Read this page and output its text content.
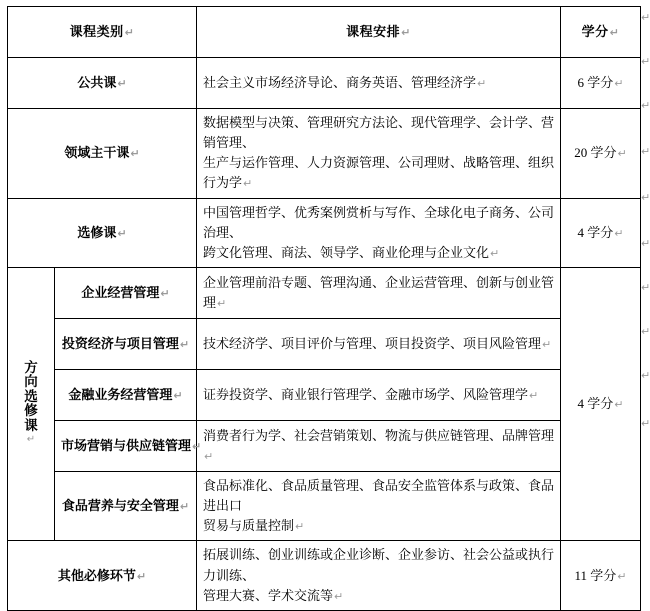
课程类别↵		课程安排↵	学分↵
公共课↵		社会主义市场经济导论、商务英语、管理经济学↵	6 学分↵
领域主干课↵		数据模型与决策、管理研究方法论、现代管理学、会计学、营销管理、
生产与运作管理、人力资源管理、公司理财、战略管理、组织行为学↵	20 学分↵
选修课↵		中国管理哲学、优秀案例赏析与写作、全球化电子商务、公司治理、
跨文化管理、商法、领导学、商业伦理与企业文化↵	4 学分↵
方向选修课
↵	企业经营管理↵	企业管理前沿专题、管理沟通、企业运营管理、创新与创业管理↵	4 学分↵
	投资经济与项目管理↵	技术经济学、项目评价与管理、项目投资学、项目风险管理↵	
	金融业务经营管理↵	证券投资学、商业银行管理学、金融市场学、风险管理学↵	
	市场营销与供应链管理↵	消费者行为学、社会营销策划、物流与供应链管理、品牌管理↵	
	食品营养与安全管理↵	食品标准化、食品质量管理、食品安全监管体系与政策、食品进出口
贸易与质量控制↵	

其他必修环节↵		拓展训练、创业训练或企业诊断、企业参访、社会公益或执行力训练、
管理大赛、学术交流等↵	11 学分↵
↵
↵
↵
↵
↵
↵
↵
↵
↵
↵
